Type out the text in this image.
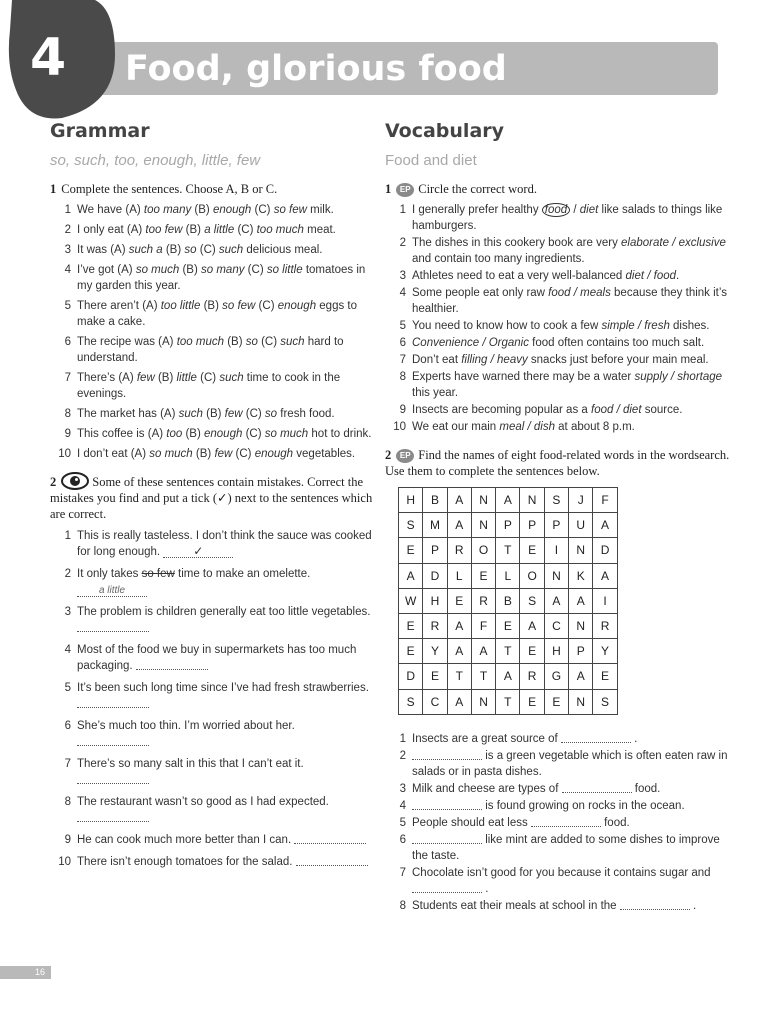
Food, glorious food
4
Grammar
so, such, too, enough, little, few
1 Complete the sentences. Choose A, B or C.
1 We have (A) too many (B) enough (C) so few milk.
2 I only eat (A) too few (B) a little (C) too much meat.
3 It was (A) such a (B) so (C) such delicious meal.
4 I’ve got (A) so much (B) so many (C) so little tomatoes in my garden this year.
5 There aren’t (A) too little (B) so few (C) enough eggs to make a cake.
6 The recipe was (A) too much (B) so (C) such hard to understand.
7 There’s (A) few (B) little (C) such time to cook in the evenings.
8 The market has (A) such (B) few (C) so fresh food.
9 This coffee is (A) too (B) enough (C) so much hot to drink.
10 I don’t eat (A) so much (B) few (C) enough vegetables.
2	Some of these sentences contain mistakes. Correct the mistakes you find and put a tick (✓) next to the sentences which are correct.
1 This is really tasteless. I don’t think the sauce was cooked for long enough. ✓
2 It only takes so few time to make an omelette.
a little
3 The problem is children generally eat too little vegetables.
4 Most of the food we buy in supermarkets has too much packaging.
5 It’s been such long time since I’ve had fresh strawberries.
6 She’s much too thin. I’m worried about her.

7 There’s so many salt in this that I can’t eat it.

8 The restaurant wasn’t so good as I had expected.

9 He can cook much more better than I can.
10 There isn’t enough tomatoes for the salad.
Vocabulary
Food and diet
1 EP Circle the correct word.
1 I generally prefer healthy food / diet like salads to things like hamburgers.
2 The dishes in this cookery book are very elaborate / exclusive and contain too many ingredients.
3 Athletes need to eat a very well-balanced diet / food.
4 Some people eat only raw food / meals because they think it’s healthier.
5 You need to know how to cook a few simple / fresh dishes.
6 Convenience / Organic food often contains too much salt.
7 Don’t eat filling / heavy snacks just before your main meal.
8 Experts have warned there may be a water supply / shortage this year.
9 Insects are becoming popular as a food / diet source.
10 We eat our main meal / dish at about 8 p.m.
2 EP Find the names of eight food-related words in the wordsearch. Use them to complete the sentences below.
H	B	A	N	A	N	S	J	F
S	M	A	N	P	P	P	U	A
E	P	R	O	T	E	I	N	D
A	D	L	E	L	O	N	K	A
W	H	E	R	B	S	A	A	I
E	R	A	F	E	A	C	N	R
E	Y	A	A	T	E	H	P	Y
D	E	T	T	A	R	G	A	E
S	C	A	N	T	E	E	N	S
1 Insects are a great source of	.
2	is a green vegetable which is often eaten raw in salads or in pasta dishes.
3 Milk and cheese are types of	food.
4	is found growing on rocks in the ocean.
5 People should eat less	food.
6	like mint are added to some dishes to improve the taste.
7 Chocolate isn’t good for you because it contains sugar and  .
8 Students eat their meals at school in the	.
16
